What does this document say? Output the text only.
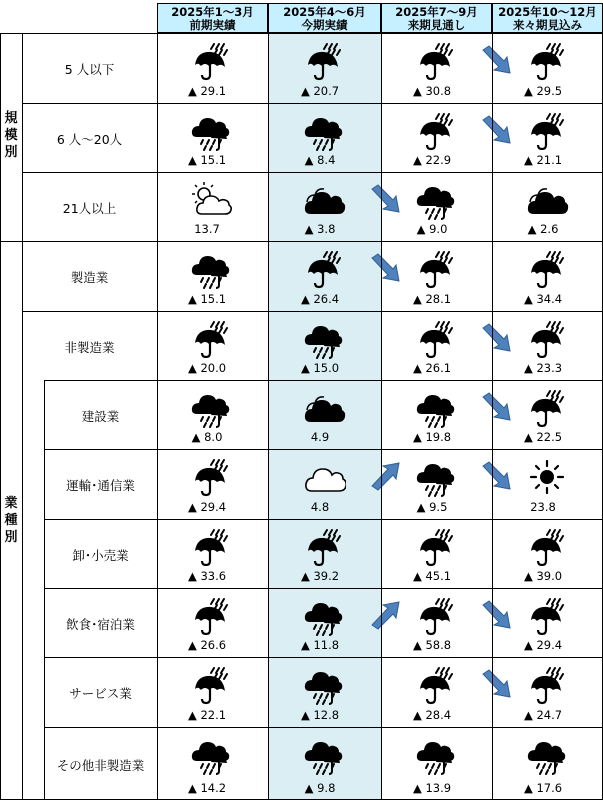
2025年1～3月
前期実績
2025年4～6月
今期実績
2025年7～9月
来期見通し
2025年10～12月
来々期見込み
規
模
別
業
種
別
5 人以下
▲ 29.1	▲ 20.7	▲ 30.8	▲ 29.5
6 人～20人
▲ 15.1	▲ 8.4	▲ 22.9	▲ 21.1
21人以上
13.7	▲ 3.8	▲ 9.0	▲ 2.6
製造業
▲ 15.1	▲ 26.4	▲ 28.1	▲ 34.4
非製造業
▲ 20.0	▲ 15.0	▲ 26.1	▲ 23.3
建設業
▲ 8.0	4.9	▲ 19.8	▲ 22.5
運輸･通信業
▲ 29.4	4.8	▲ 9.5	23.8
卸･小売業
▲ 33.6	▲ 39.2	▲ 45.1	▲ 39.0
飲食･宿泊業
▲ 26.6	▲ 11.8	▲ 58.8	▲ 29.4
サービス業
▲ 22.1	▲ 12.8	▲ 28.4	▲ 24.7
その他非製造業
▲ 14.2	▲ 9.8	▲ 13.9	▲ 17.6
